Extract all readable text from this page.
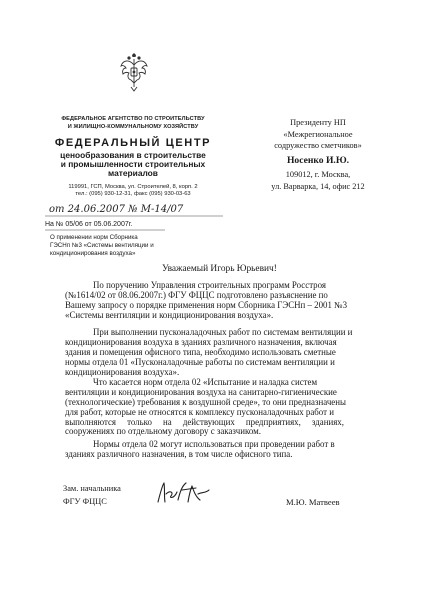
ФЕДЕРАЛЬНОЕ АГЕНТСТВО ПО СТРОИТЕЛЬСТВУ
И ЖИЛИЩНО-КОММУНАЛЬНОМУ ХОЗЯЙСТВУ
ФЕДЕРАЛЬНЫЙ ЦЕНТР
ценообразования в строительстве
и промышленности строительных
материалов
119991, ГСП, Москва, ул. Строителей, 8, корп. 2
тел.: (095) 930-12-31, факс (095) 930-03-63
от 24.06.2007 № М-14/07
На № 05/06 от 05.06.2007г.
О применении норм Сборника
ГЭСНп №3 «Системы вентиляции и
кондиционирования воздуха»
Президенту НП
«Межрегиональное
содружество сметчиков»
Носенко И.Ю.
109012, г. Москва,
ул. Варварка, 14, офис 212
Уважаемый Игорь Юрьевич!
По поручению Управления строительных программ Росстроя
(№1614/02 от 08.06.2007г.) ФГУ ФЦЦС подготовлено разъяснение по
Вашему запросу о порядке применения норм Сборника ГЭСНп – 2001 №3
«Системы вентиляции и кондиционирования воздуха».
При выполнении пусконаладочных работ по системам вентиляции и
кондиционирования воздуха в зданиях различного назначения, включая
здания и помещения офисного типа, необходимо использовать сметные
нормы отдела 01 «Пусконаладочные работы по системам вентиляции и
кондиционирования воздуха».
Что касается норм отдела 02 «Испытание и наладка систем
вентиляции и кондиционирования воздуха на санитарно-гигиенические
(технологические) требования к воздушной среде», то они предназначены
для работ, которые не относятся к комплексу пусконаладочных работ и
выполняются     только     на     действующих     предприятиях,     зданиях,
сооружениях по отдельному договору с заказчиком.
Нормы отдела 02 могут использоваться при проведении работ в
зданиях различного назначения, в том числе офисного типа.
Зам. начальника
ФГУ ФЦЦС	М.Ю. Матвеев
